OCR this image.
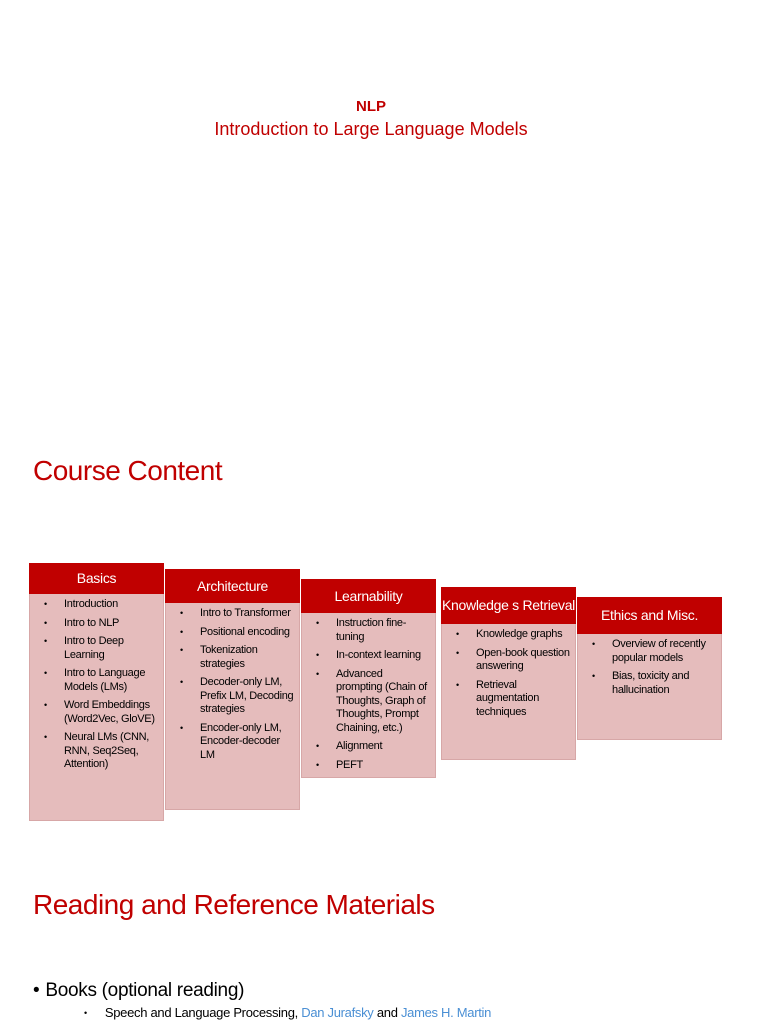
NLP
Introduction to Large Language Models
Course Content
Basics
• Introduction
• Intro to NLP
• Intro to Deep Learning
• Intro to Language Models (LMs)
• Word Embeddings (Word2Vec, GloVE)
• Neural LMs (CNN, RNN, Seq2Seq, Attention)
Architecture
• Intro to Transformer
• Positional encoding
• Tokenization strategies
• Decoder-only LM, Prefix LM, Decoding strategies
• Encoder-only LM, Encoder-decoder LM
Learnability
• Instruction fine-tuning
• In-context learning
• Advanced prompting (Chain of Thoughts, Graph of Thoughts, Prompt Chaining, etc.)
• Alignment
• PEFT
Knowledge s Retrieval
• Knowledge graphs
• Open-book question answering
• Retrieval augmentation techniques
Ethics and Misc.
• Overview of recently popular models
• Bias, toxicity and hallucination
Reading and Reference Materials
• Books (optional reading)
• Speech and Language Processing, Dan Jurafsky and James H. Martin
